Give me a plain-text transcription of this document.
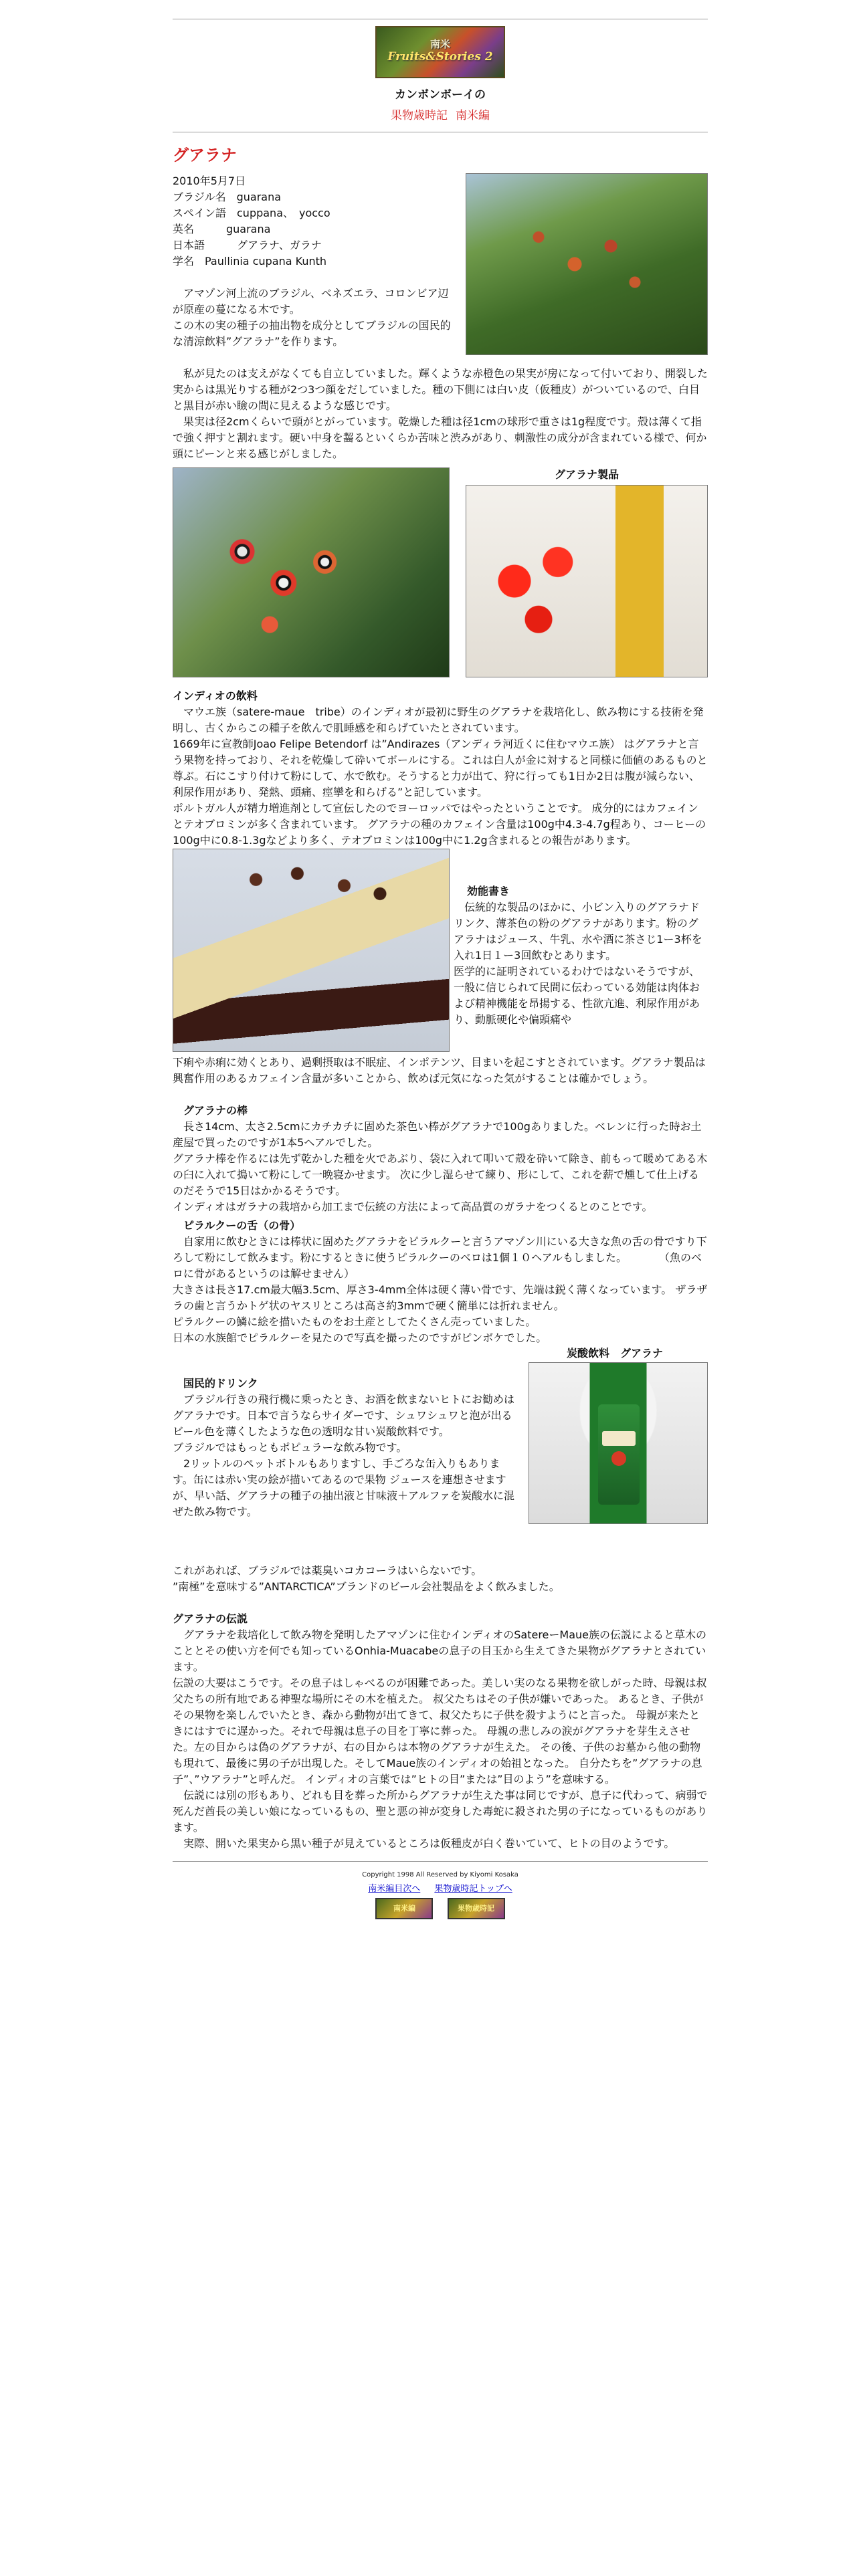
南米
Fruits&Stories 2
カンボンボーイの
果物歳時記 南米編
グアラナ

2010年5月7日

ブラジル名　guarana

スペイン語　cuppana、　yocco

英名　　　guarana

日本語　　　グアラナ、ガラナ

学名　Paullinia cupana Kunth

　アマゾン河上流のブラジル、ベネズエラ、コロンビア辺が原産の蔓になる木です。

この木の実の種子の抽出物を成分としてブラジルの国民的な清涼飲料”グアラナ”を作ります。

　私が見たのは支えがなくても自立していました。輝くような赤橙色の果実が房になって付いており、開裂した実からは黒光りする種が2つ3つ顔をだしていました。種の下側には白い皮（仮種皮）がついているので、白目と黒目が赤い瞼の間に見えるような感じです。

　果実は径2cmくらいで頭がとがっています。乾燥した種は径1cmの球形で重さは1g程度です。殻は薄くて指で強く押すと割れます。硬い中身を齧るといくらか苦味と渋みがあり、刺激性の成分が含まれている様で、何か頭にピーンと来る感じがしました。

グアラナ製品
インディオの飲料

　マウエ族（satere-maue　tribe）のインディオが最初に野生のグアラナを栽培化し、飲み物にする技術を発明し、古くからこの種子を飲んで肌睡感を和らげていたとされています。

1669年に宣教師Joao Felipe Betendorf は”Andirazes（アンディラ河近くに住むマウエ族） はグアラナと言う果物を持っており、それを乾燥して砕いてボールにする。これは白人が金に対すると同様に価値のあるものと尊ぶ。石にこすり付けて粉にして、水で飲む。そうすると力が出て、狩に行っても1日か2日は腹が減らない、利尿作用があり、発熱、頭痛、痙攣を和らげる”と記しています。

ポルトガル人が精力増進剤として宣伝したのでヨーロッパではやったということです。 成分的にはカフェインとテオブロミンが多く含まれています。 グアラナの種のカフェイン含量は100g中4.3-4.7g程あり、コーヒーの100g中に0.8-1.3gなどより多く、テオブロミンは100g中に1.2g含まれるとの報告があります。

効能書き

　伝統的な製品のほかに、小ビン入りのグアラナドリンク、薄茶色の粉のグアラナがあります。粉のグアラナはジュース、牛乳、水や酒に茶さじ1ー3杯を入れ1日１ー3回飲むとあります。

医学的に証明されているわけではないそうですが、一般に信じられて民間に伝わっている効能は肉体および精神機能を昂揚する、性欲亢進、利尿作用があり、動脈硬化や偏頭痛や

下痢や赤痢に効くとあり、過剰摂取は不眠症、インポテンツ、目まいを起こすとされています。グアラナ製品は興奮作用のあるカフェイン含量が多いことから、飲めば元気になった気がすることは確かでしょう。

　グアラナの棒

　長さ14cm、太さ2.5cmにカチカチに固めた茶色い棒がグアラナで100gありました。ベレンに行った時お土産屋で買ったのですが1本5ヘアルでした。

グアラナ棒を作るには先ず乾かした種を火であぶり、袋に入れて叩いて殻を砕いて除き、前もって暖めてある木の臼に入れて搗いて粉にして一晩寝かせます。 次に少し湿らせて練り、形にして、これを薪で燻して仕上げるのだそうで15日はかかるそうです。

インディオはガラナの栽培から加工まで伝統の方法によって高品質のガラナをつくるとのことです。

　ピラルクーの舌（の骨）

　自家用に飲むときには棒状に固めたグアラナをピラルクーと言うアマゾン川にいる大きな魚の舌の骨ですり下ろして粉にして飲みます。粉にするときに使うピラルクーのベロは1個１０ヘアルもしました。　　　　（魚のベロに骨があるというのは解せません）

大きさは長さ17.cm最大幅3.5cm、厚さ3-4mm全体は硬く薄い骨です、先端は鋭く薄くなっています。 ザラザラの歯と言うかトゲ状のヤスリところは高さ約3mmで硬く簡単には折れません。

ピラルクーの鱗に絵を描いたものをお土産としてたくさん売っていました。

日本の水族館でピラルクーを見たので写真を撮ったのですがピンボケでした。

炭酸飲料　グアラナ
　国民的ドリンク

　ブラジル行きの飛行機に乗ったとき、お酒を飲まないヒトにお勧めはグアラナです。日本で言うならサイダーです、シュワシュワと泡が出るビール色を薄くしたような色の透明な甘い炭酸飲料です。

ブラジルではもっともポピュラーな飲み物です。

　2リットルのペットボトルもありますし、手ごろな缶入りもあります。缶には赤い実の絵が描いてあるので果物 ジュースを連想させますが、早い話、グアラナの種子の抽出液と甘味液＋アルファを炭酸水に混ぜた飲み物です。

これがあれば、ブラジルでは薬臭いコカコーラはいらないです。

”南極”を意味する”ANTARCTICA”ブランドのビール会社製品をよく飲みました。

グアラナの伝説

　グアラナを栽培化して飲み物を発明したアマゾンに住むインディオのSatereーMaue族の伝説によると草木のこととその使い方を何でも知っているOnhia-Muacabeの息子の目玉から生えてきた果物がグアラナとされています。

伝説の大要はこうです。その息子はしゃべるのが困難であった。美しい実のなる果物を欲しがった時、母親は叔父たちの所有地である神聖な場所にその木を植えた。 叔父たちはその子供が嫌いであった。 あるとき、子供がその果物を楽しんでいたとき、森から動物が出てきて、叔父たちに子供を殺すようにと言った。 母親が来たときにはすでに遅かった。それで母親は息子の目を丁寧に葬った。 母親の悲しみの涙がグアラナを芽生えさせた。左の目からは偽のグアラナが、右の目からは本物のグアラナが生えた。 その後、子供のお墓から他の動物も現れて、最後に男の子が出現した。そしてMaue族のインディオの始祖となった。 自分たちを”グアラナの息子”、”ウアラナ”と呼んだ。 インディオの言葉では”ヒトの目”または”目のよう”を意味する。

　伝説には別の形もあり、どれも目を葬った所からグアラナが生えた事は同じですが、息子に代わって、病弱で死んだ酋長の美しい娘になっているもの、聖と悪の神が変身した毒蛇に殺された男の子になっているものがあります。

　実際、開いた果実から黒い種子が見えているところは仮種皮が白く巻いていて、ヒトの目のようです。

Copyright 1998 All Reserved by Kiyomi Kosaka
南米編目次へ 果物歳時記トップへ
南米編	果物歳時記
